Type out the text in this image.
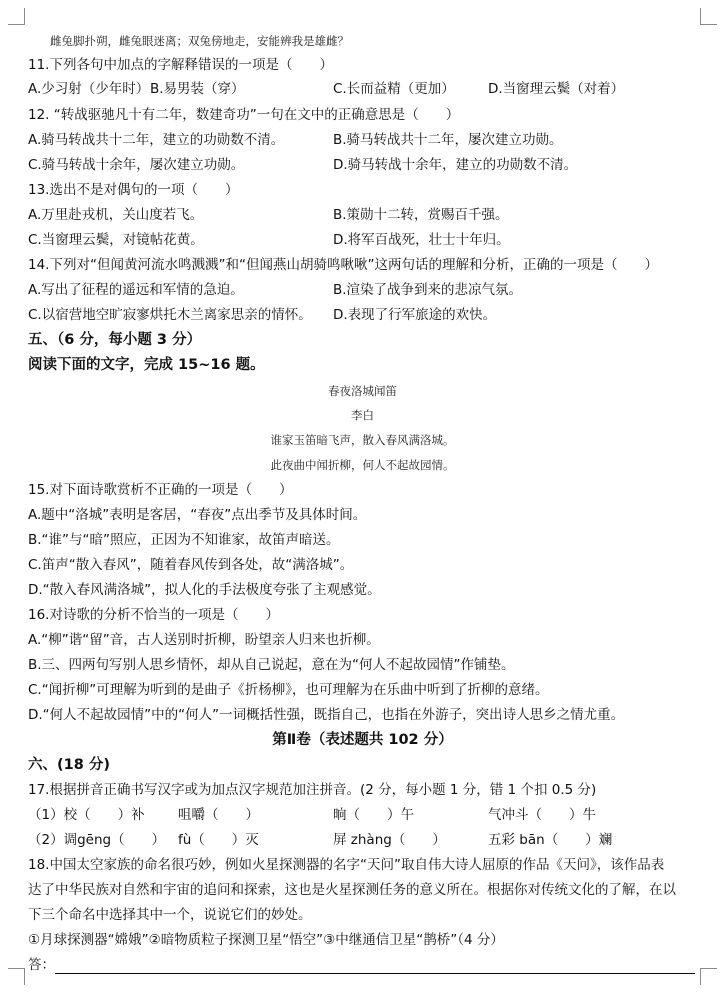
雌兔脚扑朔，雌兔眼迷离；双兔傍地走，安能辨我是雄雌？
11.下列各句中加点的字解释错误的一项是（　　）
A.少习射（少年时） B.易男装（穿）	C.长而益精（更加）	D.当窗理云鬓（对着）
12. “转战驱驰凡十有二年，数建奇功”一句在文中的正确意思是（　　）
A.骑马转战共十二年，建立的功勋数不清。	B.骑马转战共十二年，屡次建立功勋。
C.骑马转战十余年，屡次建立功勋。	D.骑马转战十余年，建立的功勋数不清。
13.选出不是对偶句的一项（　　）
A.万里赴戎机，关山度若飞。	B.策勋十二转，赏赐百千强。
C.当窗理云鬓，对镜帖花黄。	D.将军百战死，壮士十年归。
14.下列对“但闻黄河流水鸣溅溅”和“但闻燕山胡骑鸣啾啾”这两句话的理解和分析，正确的一项是（　　）
A.写出了征程的遥远和军情的急迫。	B.渲染了战争到来的悲凉气氛。
C.以宿营地空旷寂寥烘托木兰离家思亲的情怀。	D.表现了行军旅途的欢快。
五、（6 分，每小题 3 分）
阅读下面的文字，完成 15~16 题。
春夜洛城闻笛
李白
谁家玉笛暗飞声，散入春风满洛城。
此夜曲中闻折柳，何人不起故园情。
15.对下面诗歌赏析不正确的一项是（　　）
A.题中“洛城”表明是客居，“春夜”点出季节及具体时间。
B.“谁”与“暗”照应，正因为不知谁家，故笛声暗送。
C.笛声“散入春风”，随着春风传到各处，故“满洛城”。
D.“散入春风满洛城”，拟人化的手法极度夸张了主观感觉。
16.对诗歌的分析不恰当的一项是（　　）
A.“柳”谐“留”音，古人送别时折柳，盼望亲人归来也折柳。
B.三、四两句写别人思乡情怀，却从自己说起，意在为“何人不起故园情”作铺垫。
C.“闻折柳”可理解为听到的是曲子《折杨柳》，也可理解为在乐曲中听到了折柳的意绪。
D.“何人不起故园情”中的“何人”一词概括性强，既指自己，也指在外游子，突出诗人思乡之情尤重。
第Ⅱ卷（表述题共 102 分）
六、(18 分)
17.根据拼音正确书写汉字或为加点汉字规范加注拼音。(2 分，每小题 1 分，错 1 个扣 0.5 分)
（1）校（　　）补	咀嚼（　　）	晌（　　）午	气冲斗（　　）牛
（2）调gēng（　　） fù（　　）灭	屏 zhàng（　　）	五彩 bān（　　）斓
18.中国太空家族的命名很巧妙，例如火星探测器的名字“天问”取自伟大诗人屈原的作品《天问》，该作品表
达了中华民族对自然和宇宙的追问和探索，这也是火星探测任务的意义所在。根据你对传统文化的了解，在以
下三个命名中选择其中一个，说说它们的妙处。
①月球探测器“嫦娥”②暗物质粒子探测卫星“悟空”③中继通信卫星“鹊桥”（4 分）
答：
